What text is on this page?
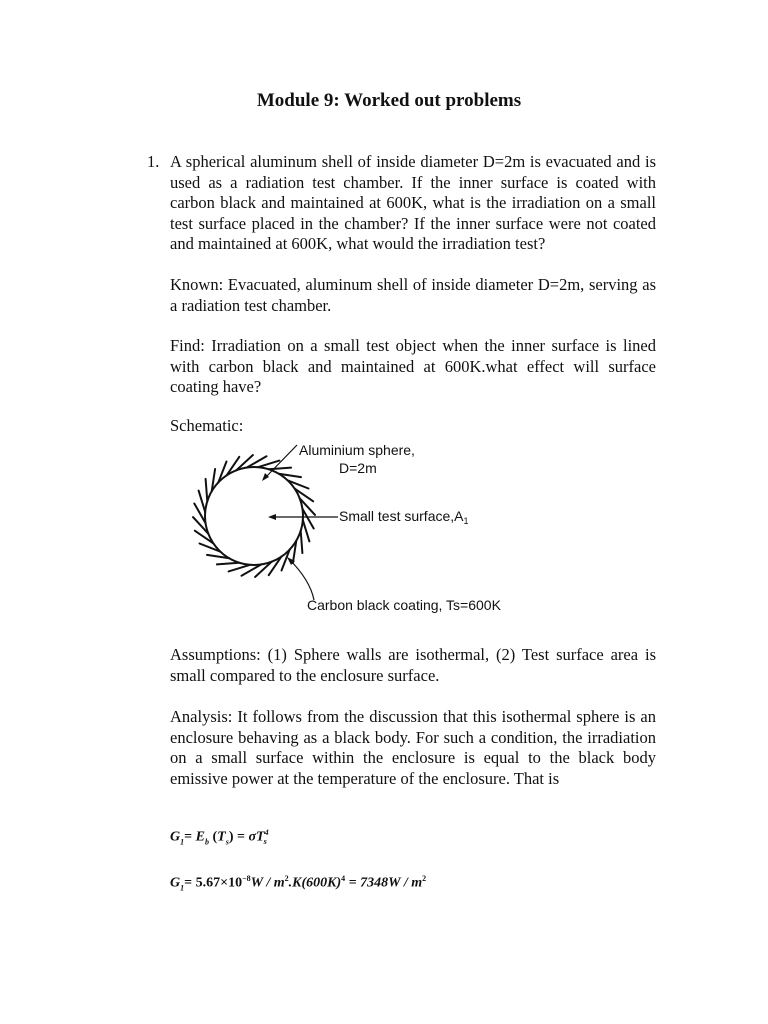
Module 9: Worked out problems
1. A spherical aluminum shell of inside diameter D=2m is evacuated and is used as a radiation test chamber. If the inner surface is coated with carbon black and maintained at 600K, what is the irradiation on a small test surface placed in the chamber? If the inner surface were not coated and maintained at 600K, what would the irradiation test?
Known: Evacuated, aluminum shell of inside diameter D=2m, serving as a radiation test chamber.
Find: Irradiation on a small test object when the inner surface is lined with carbon black and maintained at 600K.what effect will surface coating have?
Schematic:
Aluminium sphere,
D=2m
Small test $surface,A_1$
Carbon black coating, Ts=600K
Assumptions: (1) Sphere walls are isothermal, (2) Test surface area is small compared to the enclosure surface.
Analysis: It follows from the discussion that this isothermal sphere is an enclosure behaving as a black body. For such a condition, the irradiation on a small surface within the enclosure is equal to the black body emissive power at the temperature of the enclosure. That is
$G_1= E_b$ $(T_s) = \sigma T^4_s$
$G_1= 5.67\times 10^{-8}W / m^2.K(600K)^4 = 7348W / m^2$
